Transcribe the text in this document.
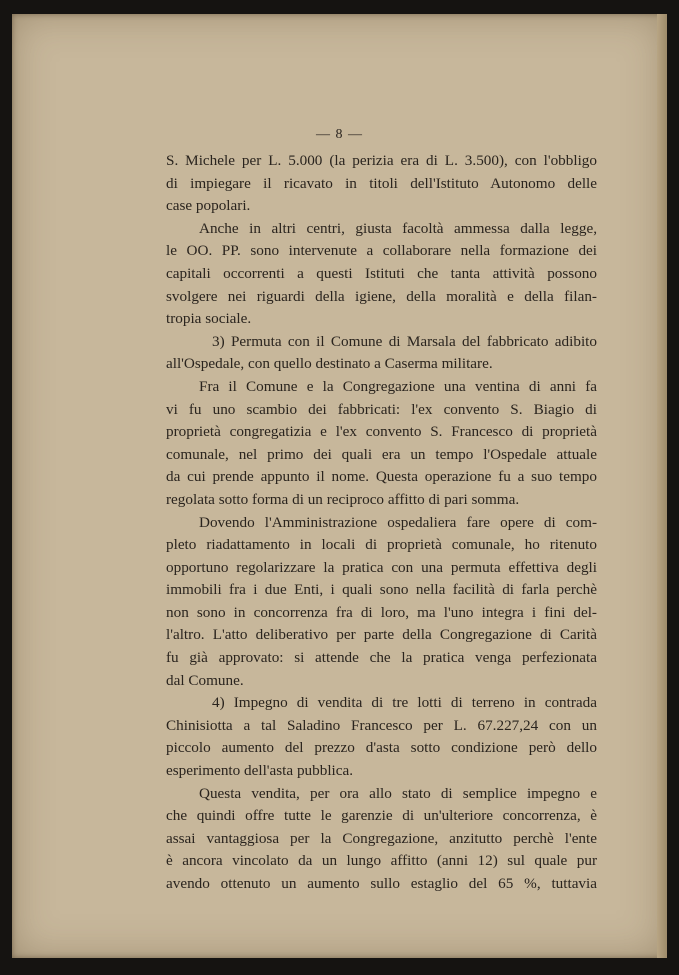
— 8 —
S. Michele per L. 5.000 (la perizia era di L. 3.500), con l'obbligo
di impiegare il ricavato in titoli dell'Istituto Autonomo delle
case popolari.
Anche in altri centri, giusta facoltà ammessa dalla legge,
le OO. PP. sono intervenute a collaborare nella formazione dei
capitali occorrenti a questi Istituti che tanta attività possono
svolgere nei riguardi della igiene, della moralità e della filan-
tropia sociale.
3) Permuta con il Comune di Marsala del fabbricato adibito
all'Ospedale, con quello destinato a Caserma militare.
Fra il Comune e la Congregazione una ventina di anni fa
vi fu uno scambio dei fabbricati: l'ex convento S. Biagio di
proprietà congregatizia e l'ex convento S. Francesco di proprietà
comunale, nel primo dei quali era un tempo l'Ospedale attuale
da cui prende appunto il nome. Questa operazione fu a suo tempo
regolata sotto forma di un reciproco affitto di pari somma.
Dovendo l'Amministrazione ospedaliera fare opere di com-
pleto riadattamento in locali di proprietà comunale, ho ritenuto
opportuno regolarizzare la pratica con una permuta effettiva degli
immobili fra i due Enti, i quali sono nella facilità di farla perchè
non sono in concorrenza fra di loro, ma l'uno integra i fini del-
l'altro. L'atto deliberativo per parte della Congregazione di Carità
fu già approvato: si attende che la pratica venga perfezionata
dal Comune.
4) Impegno di vendita di tre lotti di terreno in contrada
Chinisiotta a tal Saladino Francesco per L. 67.227,24 con un
piccolo aumento del prezzo d'asta sotto condizione però dello
esperimento dell'asta pubblica.
Questa vendita, per ora allo stato di semplice impegno e
che quindi offre tutte le garenzie di un'ulteriore concorrenza, è
assai vantaggiosa per la Congregazione, anzitutto perchè l'ente
è ancora vincolato da un lungo affitto (anni 12) sul quale pur
avendo ottenuto un aumento sullo estaglio del 65 %, tuttavia
